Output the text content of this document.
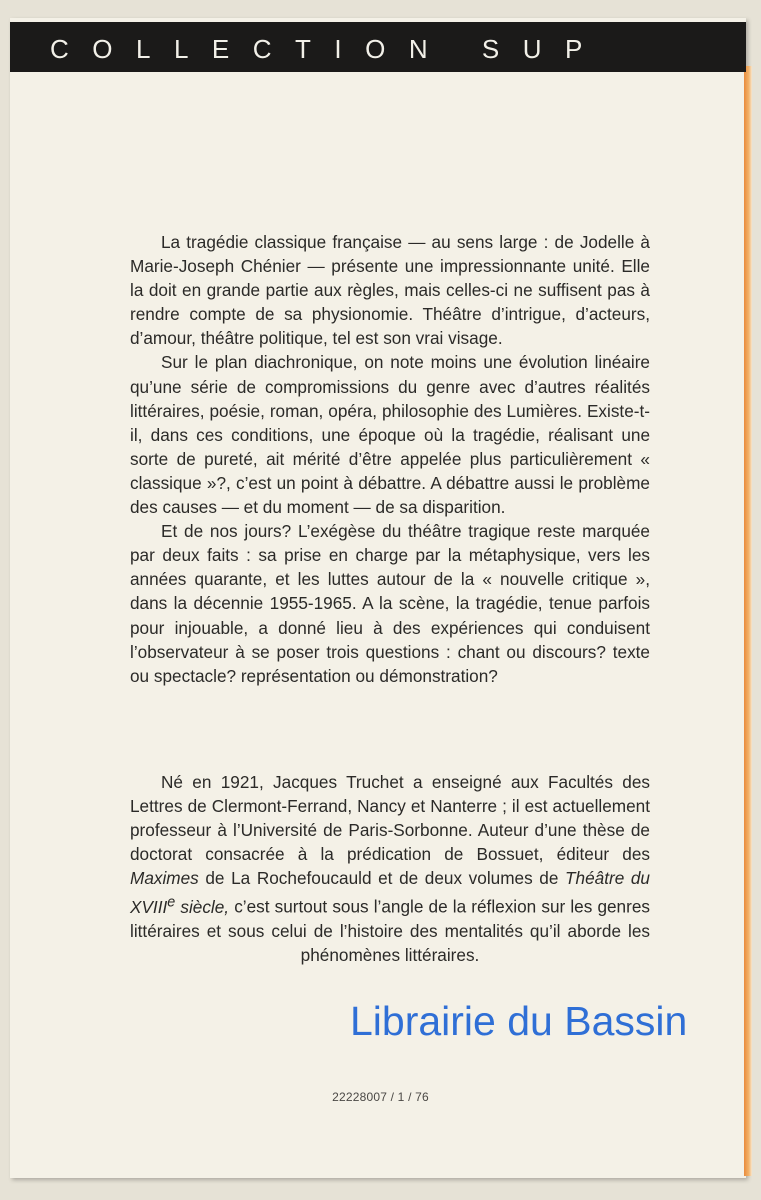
COLLECTION SUP

La tragédie classique française — au sens large : de Jodelle à Marie-Joseph Chénier — présente une impressionnante unité. Elle la doit en grande partie aux règles, mais celles-ci ne suffisent pas à rendre compte de sa physionomie. Théâtre d’intrigue, d’acteurs, d’amour, théâtre politique, tel est son vrai visage.

Sur le plan diachronique, on note moins une évolution linéaire qu’une série de compromissions du genre avec d’autres réalités littéraires, poésie, roman, opéra, philosophie des Lumières. Existe-t-il, dans ces conditions, une époque où la tragédie, réalisant une sorte de pureté, ait mérité d’être appelée plus particulièrement « classique »?, c’est un point à débattre. A débattre aussi le problème des causes — et du moment — de sa disparition.

Et de nos jours? L’exégèse du théâtre tragique reste marquée par deux faits : sa prise en charge par la métaphysique, vers les années quarante, et les luttes autour de la « nouvelle critique », dans la décennie 1955-1965. A la scène, la tragédie, tenue parfois pour injouable, a donné lieu à des expériences qui conduisent l’observateur à se poser trois questions : chant ou discours? texte ou spectacle? représentation ou démonstration?

Né en 1921, Jacques Truchet a enseigné aux Facultés des Lettres de Clermont-Ferrand, Nancy et Nanterre ; il est actuellement professeur à l’Université de Paris-Sorbonne. Auteur d’une thèse de doctorat consacrée à la prédication de Bossuet, éditeur des Maximes de La Rochefoucauld et de deux volumes de Théâtre du XVIIIe siècle, c’est surtout sous l’angle de la réflexion sur les genres littéraires et sous celui de l’histoire des mentalités qu’il aborde les phénomènes littéraires.

Librairie du Bassin
22228007 / 1 / 76
